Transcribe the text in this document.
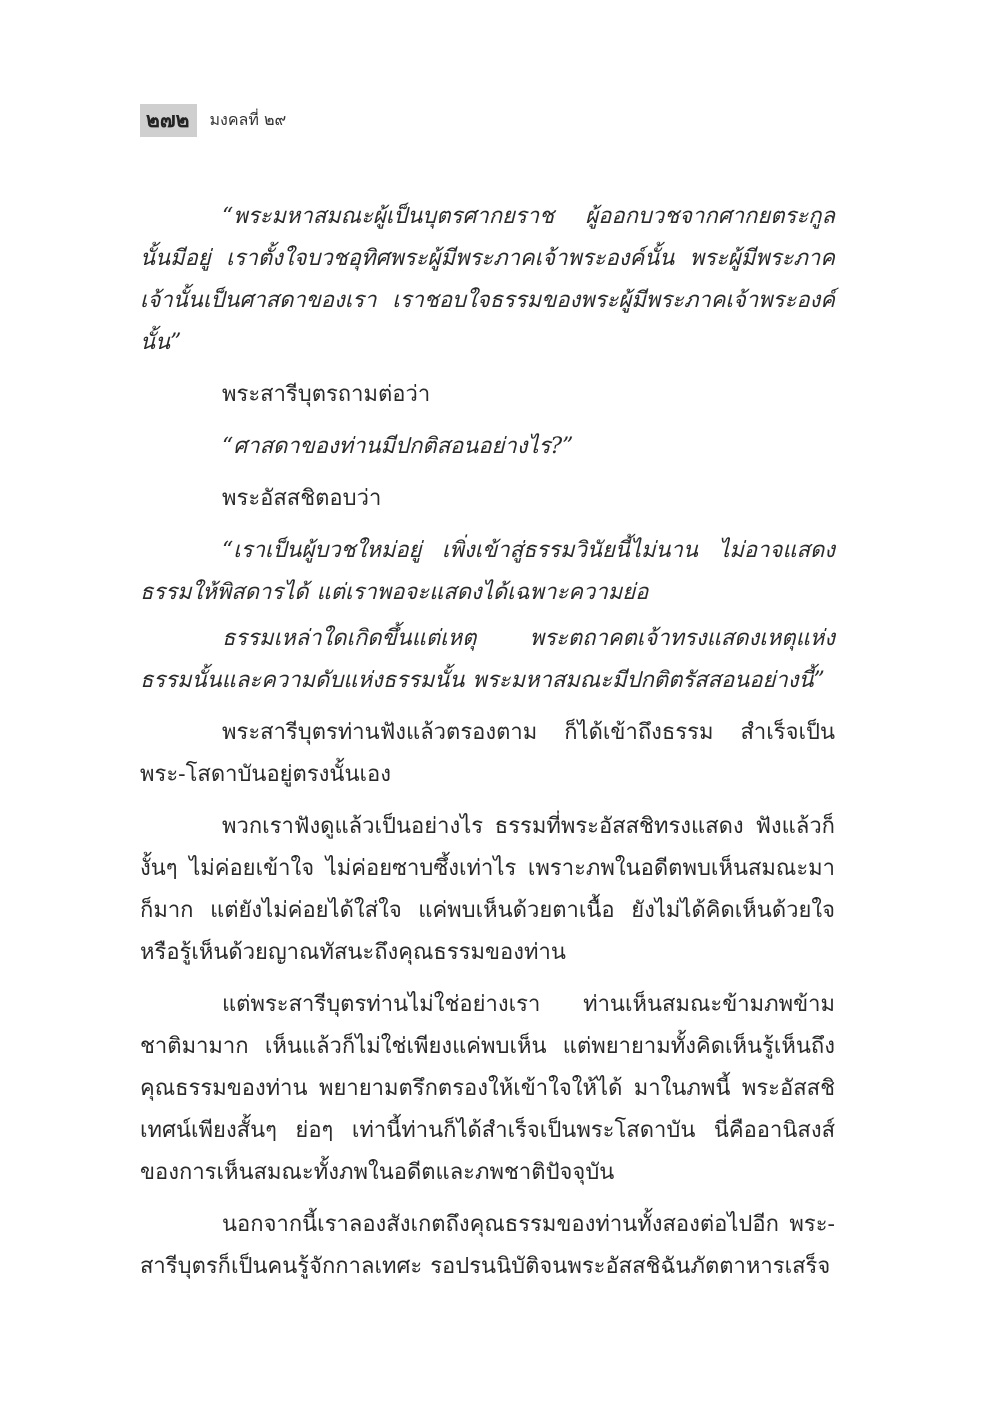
๒๗๒	มงคลที่ ๒๙

“พระมหาสมณะผู้เป็นบุตรศากยราช ผู้ออกบวชจากศากยตระกูลนั้นมีอยู่ เราตั้งใจบวชอุทิศพระผู้มีพระภาคเจ้าพระองค์นั้น พระผู้มีพระภาคเจ้านั้นเป็นศาสดาของเรา เราชอบใจธรรมของพระผู้มีพระภาคเจ้าพระองค์นั้น”

พระสารีบุตรถามต่อว่า

“ศาสดาของท่านมีปกติสอนอย่างไร?”

พระอัสสชิตอบว่า

“เราเป็นผู้บวชใหม่อยู่ เพิ่งเข้าสู่ธรรมวินัยนี้ไม่นาน ไม่อาจแสดงธรรมให้พิสดารได้ แต่เราพอจะแสดงได้เฉพาะความย่อ

ธรรมเหล่าใดเกิดขึ้นแต่เหตุ พระตถาคตเจ้าทรงแสดงเหตุแห่งธรรมนั้นและความดับแห่งธรรมนั้น พระมหาสมณะมีปกติตรัสสอนอย่างนี้”

พระสารีบุตรท่านฟังแล้วตรองตาม ก็ได้เข้าถึงธรรม สำเร็จเป็นพระ-โสดาบันอยู่ตรงนั้นเอง

พวกเราฟังดูแล้วเป็นอย่างไร ธรรมที่พระอัสสชิทรงแสดง ฟังแล้วก็งั้นๆ ไม่ค่อยเข้าใจ ไม่ค่อยซาบซึ้งเท่าไร เพราะภพในอดีตพบเห็นสมณะมาก็มาก แต่ยังไม่ค่อยได้ใส่ใจ แค่พบเห็นด้วยตาเนื้อ ยังไม่ได้คิดเห็นด้วยใจ หรือรู้เห็นด้วยญาณทัสนะถึงคุณธรรมของท่าน

แต่พระสารีบุตรท่านไม่ใช่อย่างเรา ท่านเห็นสมณะข้ามภพข้ามชาติมามาก เห็นแล้วก็ไม่ใช่เพียงแค่พบเห็น แต่พยายามทั้งคิดเห็นรู้เห็นถึงคุณธรรมของท่าน พยายามตรึกตรองให้เข้าใจให้ได้ มาในภพนี้ พระอัสสชิเทศน์เพียงสั้นๆ ย่อๆ เท่านี้ท่านก็ได้สำเร็จเป็นพระโสดาบัน นี่คืออานิสงส์ของการเห็นสมณะทั้งภพในอดีตและภพชาติปัจจุบัน

นอกจากนี้เราลองสังเกตถึงคุณธรรมของท่านทั้งสองต่อไปอีก พระ-สารีบุตรก็เป็นคนรู้จักกาลเทศะ รอปรนนิบัติจนพระอัสสชิฉันภัตตาหารเสร็จ
